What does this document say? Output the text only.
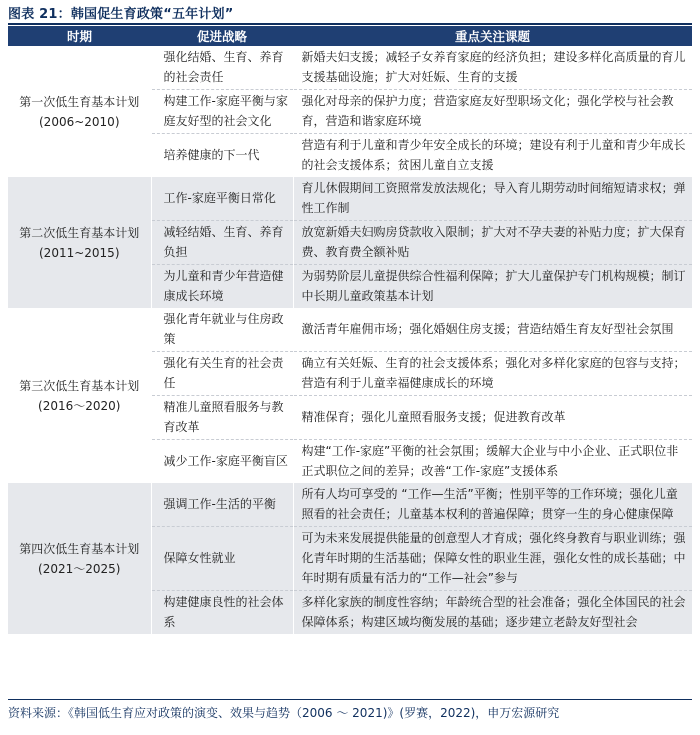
图表 21：韩国促生育政策“五年计划”
时期	促进战略	重点关注课题
第一次低生育基本计划(2006~2010)	强化结婚、生育、养育的社会责任	新婚夫妇支援；减轻子女养育家庭的经济负担；建设多样化高质量的育儿支援基础设施；扩大对妊娠、生育的支援
	构建工作-家庭平衡与家庭友好型的社会文化	强化对母亲的保护力度；营造家庭友好型职场文化；强化学校与社会教育，营造和谐家庭环境
	培养健康的下一代	营造有利于儿童和青少年安全成长的环境；建设有利于儿童和青少年成长的社会支援体系；贫困儿童自立支援
第二次低生育基本计划(2011~2015)	工作-家庭平衡日常化	育儿休假期间工资照常发放法规化；导入育儿期劳动时间缩短请求权；弹性工作制
	减轻结婚、生育、养育负担	放宽新婚夫妇购房贷款收入限制；扩大对不孕夫妻的补贴力度；扩大保育费、教育费全额补贴
	为儿童和青少年营造健康成长环境	为弱势阶层儿童提供综合性福利保障；扩大儿童保护专门机构规模；制订中长期儿童政策基本计划
第三次低生育基本计划(2016～2020)	强化青年就业与住房政策	激活青年雇佣市场；强化婚姻住房支援；营造结婚生育友好型社会氛围
	强化有关生育的社会责任	确立有关妊娠、生育的社会支援体系；强化对多样化家庭的包容与支持；营造有利于儿童幸福健康成长的环境
	精准儿童照看服务与教育改革	精准保育；强化儿童照看服务支援；促进教育改革
	减少工作-家庭平衡盲区	构建“工作-家庭”平衡的社会氛围；缓解大企业与中小企业、正式职位非正式职位之间的差异；改善“工作-家庭”支援体系
第四次低生育基本计划(2021～2025)	强调工作-生活的平衡	所有人均可享受的 “工作—生活”平衡；性别平等的工作环境；强化儿童照看的社会责任；儿童基本权利的普遍保障；贯穿一生的身心健康保障
	保障女性就业	可为未来发展提供能量的创意型人才育成；强化终身教育与职业训练；强化青年时期的生活基础；保障女性的职业生涯，强化女性的成长基础；中年时期有质量有活力的“工作—社会”参与
	构建健康良性的社会体系	多样化家族的制度性容纳；年龄统合型的社会准备；强化全体国民的社会保障体系；构建区域均衡发展的基础；逐步建立老龄友好型社会
资料来源：《韩国低生育应对政策的演变、效果与趋势（2006 ～ 2021)》(罗赛，2022)，申万宏源研究
